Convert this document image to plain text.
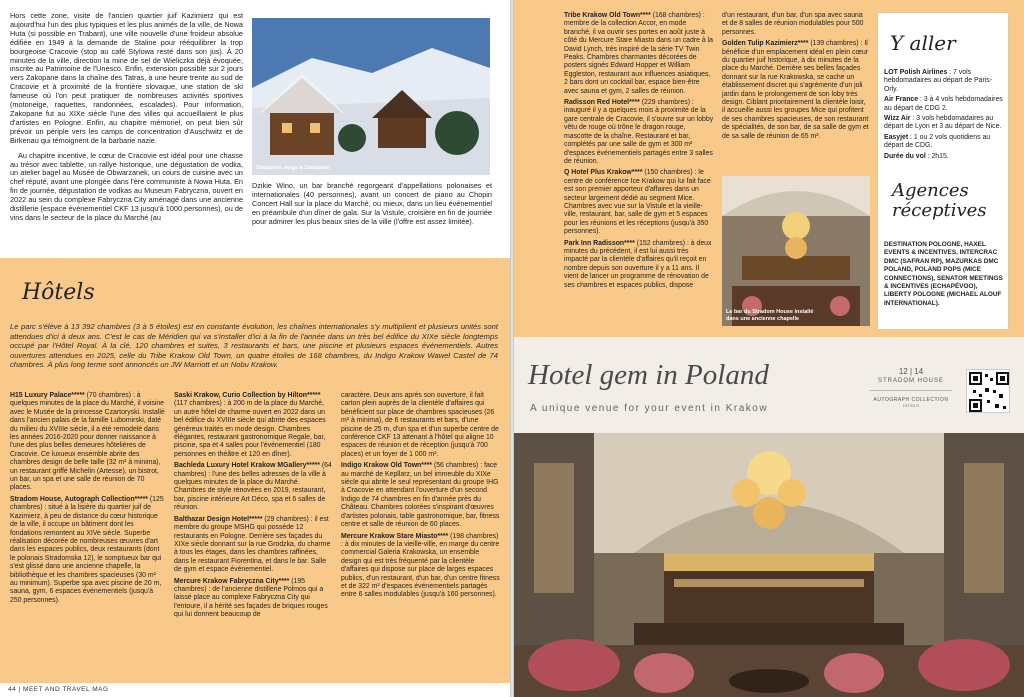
Hors cette zone, visite de l'ancien quartier juif Kazimierz qui est aujourd'hui l'un des plus typiques et les plus animés de la ville, de Nowa Huta (si possible en Trabant), une ville nouvelle d'une froideur absolue édifiée en 1949 à la demande de Staline pour rééquilibrer la trop bourgeoise Cracovie (stop au café Stylowa resté dans son jus). À 20 minutes de la ville, direction la mine de sel de Wieliczka déjà évoquée, inscrite au Patrimoine de l'Unesco. Enfin, extension possible sur 2 jours vers Zakopane dans la chaîne des Tatras, à une heure trente au sud de Cracovie et à proximité de la frontière slovaque, une station de ski fameuse où l'on peut pratiquer de nombreuses activités sportives (motoneige, raquettes, randonnées, escalades). Pour information, Zakopane fut au XIXe siècle l'une des villes qui accueillaient le plus d'artistes en Pologne. Enfin, au chapitre mémoriel, on peut bien sûr prévoir un périple vers les camps de concentration d'Auschwitz et de Birkenau qui témoignent de la barbarie nazie.

Au chapitre incentive, le cœur de Cracovie est idéal pour une chasse au trésor avec tablette, un rallye historique, une dégustation de vodka, un atelier bagel au Musée de Obwarzanek, un cours de cuisine avec un chef réputé, avant une plongée dans l'ère communiste à Nowa Huta. En fin de journée, dégustation de vodkas au Museum Fabryczna, ouvert en 2022 au sein du complexe Fabryczna City aménagé dans une ancienne distillerie (espace événementiel CKF 13 jusqu'à 1000 personnes), ou de vins dans le secteur de la place du Marché (au

Séquence neige à Zakopane.
Dzikie Wino, un bar branché regorgeant d'appellations polonaises et internationales (40 personnes), avant un concert de piano au Chopin Concert Hall sur la place du Marché, ou mieux, dans un lieu événementiel en préambule d'un dîner de gala. Sur la Vistule, croisière en fin de journée pour admirer les plus beaux sites de la ville (l'offre est assez limitée).
Hôtels
Le parc s'élève à 13 392 chambres (3 à 5 étoiles) est en constante évolution, les chaînes internationales s'y multiplient et plusieurs unités sont attendues d'ici à deux ans. C'est le cas de Méridien qui va s'installer d'ici à la fin de l'année dans un très bel édifice du XIXe siècle longtemps occupé par l'Hôtel Royal. À la clé, 120 chambres et suites, 3 restaurants et bars, une piscine et plusieurs espaces événementiels. Autres ouvertures attendues en 2025, celle du Tribe Krakow Old Town, un quatre étoiles de 168 chambres, du Indigo Krakow Wawel Castel de 74 chambres. À plus long terme sont annoncés un JW Marriott et un Nobu Krakow.

H15 Luxury Palace***** (70 chambres) : à quelques minutes de la place du Marché, il voisine avec le Musée de la princesse Czartoryski. Installé dans l'ancien palais de la famille Lubomirski, daté du milieu du XVIIIe siècle, il a été remodelé dans les années 2016-2020 pour donner naissance à l'une des plus belles demeures hôtelières de Cracovie. Ce luxueux ensemble abrite des chambres design de belle taille (32 m² à minima), un restaurant griffé Michelin (Artesse), un bistrot, un bar, un spa et une salle de réunion de 70 places.

Stradom House, Autograph Collection***** (125 chambres) : situé à la lisière du quartier juif de Kazimierz, à peu de distance du cœur historique de la ville, il occupe un bâtiment dont les fondations remontent au XIVe siècle. Superbe réalisation décorée de nombreuses œuvres d'art dans les espaces publics, deux restaurants (dont le polonais Stradomska 12), le somptueux bar qui s'est glissé dans une ancienne chapelle, la bibliothèque et les chambres spacieuses (30 m² au minimum). Superbe spa avec piscine de 20 m, sauna, gym, 6 espaces événementiels (jusqu'à 250 personnes).

Saski Krakow, Curio Collection by Hilton***** (117 chambres) : à 200 m de la place du Marché, un autre hôtel de charme ouvert en 2022 dans un bel édifice du XVIIIe siècle qui abrite des espaces généreux traités en mode design. Chambres élégantes, restaurant gastronomique Regale, bar, piscine, spa et 4 salles pour l'événementiel (180 personnes en théâtre et 120 en dîner).

Bachleda Luxury Hotel Krakow MGallery***** (64 chambres) : l'une des belles adresses de la ville à quelques minutes de la place du Marché. Chambres de style rénovées en 2019, restaurant, bar, piscine intérieure Art Déco, spa et 6 salles de réunion.

Balthazar Design Hotel***** (29 chambres) : il est membre du groupe MSHG qui possède 12 restaurants en Pologne. Derrière ses façades du XIXe siècle donnant sur la rue Grodzka, du charme à tous les étages, dans les chambres raffinées, dans le restaurant Fiorentina, et dans le bar. Salle de gym et espace événementiel.

Mercure Krakow Fabryczna City**** (195 chambres) : de l'ancienne distillerie Polmos qui a laissé place au complexe Fabryczna City qui l'entoure, il a hérité ses façades de briques rouges qui lui donnent beaucoup de

caractère. Deux ans après son ouverture, il fait carton plein auprès de la clientèle d'affaires qui bénéficient sur place de chambres spacieuses (26 m² à minima), de 6 restaurants et bars, d'une piscine de 25 m, d'un spa et d'un superbe centre de conférence CKF 13 attenant à l'hôtel qui aligne 10 espaces de réunion et de réception (jusqu'à 700 places) et un foyer de 1 000 m².

Indigo Krakow Old Town**** (56 chambres) : face au marché de Kepllarz, un bel immeuble du XIXe siècle qui abrite le seul représentant du groupe IHG à Cracovie en attendant l'ouverture d'un second Indigo de 74 chambres en fin d'année près du Château. Chambres colorées s'inspirant d'œuvres d'artistes polonais, table gastronomique, bar, fitness centre et salle de réunion de 60 places.

Mercure Krakow Stare Miasto**** (198 chambres) : à dix minutes de la vieille-ville, en marge du centre commercial Galeria Krakowska, un ensemble design qui est très fréquenté par la clientèle d'affaires qui dispose sur place de larges espaces publics, d'un restaurant, d'un bar, d'un centre fitness et de 322 m² d'espaces événementiels partagés entre 6 salles modulables (jusqu'à 160 personnes).

44 | MEET AND TRAVEL MAG

Tribe Krakow Old Town**** (168 chambres) : membre de la collection Accor, en mode branché, il va ouvrir ses portes en août juste à côté du Mercure Stare Miasto dans un cadre à la David Lynch, très inspiré de la série TV Twin Peaks. Chambres charmantes décorées de posters signés Edward Hopper et William Eggleston, restaurant aux influences asiatiques, 2 bars dont un cocktail bar, espace bien-être avec sauna et gym, 2 salles de réunion.

Radisson Red Hotel**** (229 chambres) : inauguré il y a quelques mois à proximité de la gare centrale de Cracovie, il s'ouvre sur un lobby vêtu de rouge où trône le dragon rouge, mascotte de la chaîne. Restaurant et bar, complétés par une salle de gym et 300 m² d'espaces événementiels partagés entre 3 salles de réunion.

Q Hotel Plus Krakow**** (150 chambres) : le centre de conférence Ice Krakow qui lui fait face est son premier apporteur d'affaires dans un secteur largement dédié au segment Mice. Chambres avec vue sur la Vistule et la vieille-ville, restaurant, bar, salle de gym et 5 espaces pour les réunions et les réceptions (jusqu'à 350 personnes).

Park Inn Radisson**** (152 chambres) : à deux minutes du précédent, il est lui aussi très impacté par la clientèle d'affaires qu'il reçoit en nombre depuis son ouverture il y a 11 ans. Il vient de lancer un programme de rénovation de ses chambres et espaces publics, dispose

d'un restaurant, d'un bar, d'un spa avec sauna et de 8 salles de réunion modulables pour 500 personnes.

Golden Tulip Kazimierz**** (139 chambres) : Il bénéficie d'un emplacement idéal en plein cœur du quartier juif historique, à dix minutes de la place du Marché. Derrière ses belles façades donnant sur la rue Krakowska, se cache un établissement discret qui s'agrémente d'un joli jardin dans le prolongement de son loby très design. Ciblant prioritairement la clientèle loisir, il accueille aussi les groupes Mice qui profitent de ses chambres spacieuses, de son restaurant de spécialités, de son bar, de sa salle de gym et de sa salle de réunion de 65 m².

Le bar du Stradom House installé dans une ancienne chapelle
Y aller

LOT Polish Airlines : 7 vols hebdomadaires au départ de Paris-Orly.

Air France : 3 à 4 vols hebdomadaires au départ de CDG 2.

Wizz Air : 3 vols hebdomadaires au départ de Lyon et 3 au départ de Nice.

Easyjet : 1 ou 2 vols quotidiens au départ de CDG.

Durée du vol : 2h15.

Agences réceptives
DESTINATION POLOGNE, HAXEL EVENTS & INCENTIVES, INTERCRAC DMC (SAFRAN RP), MAZURKAS DMC POLAND, POLAND POPS (MICE CONNECTIONS), SENATOR MEETINGS & INCENTIVES (ECHAPÉVOO), LIBERTY POLOGNE (MICHAEL ALOUF INTERNATIONAL).
Hotel gem in Poland
A unique venue for your event in Krakow
12 | 14
STRADOM HOUSE
AUTOGRAPH COLLECTION
HOTELS
